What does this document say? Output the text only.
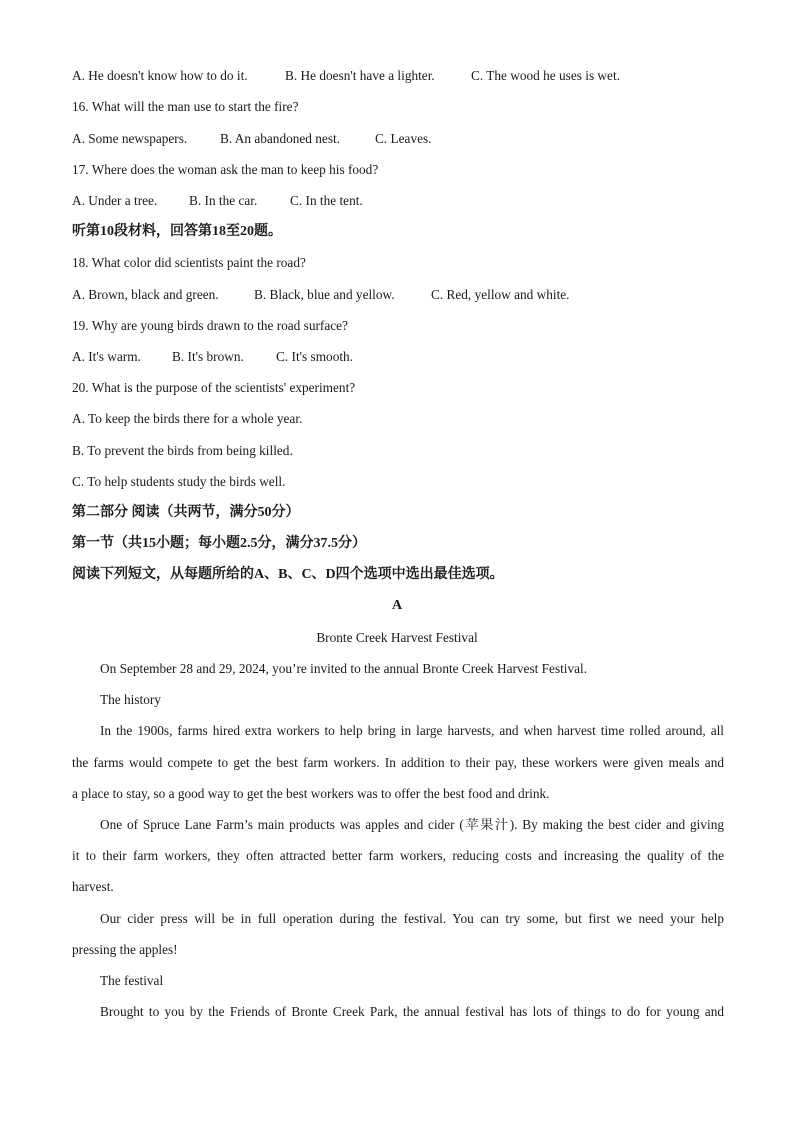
A. He doesn't know how to do it.	B. He doesn't have a lighter.	C. The wood he uses is wet.
16. What will the man use to start the fire?
A. Some newspapers.	B. An abandoned nest.	C. Leaves.
17. Where does the woman ask the man to keep his food?
A. Under a tree.	B. In the car.	C. In the tent.
听第10段材料，回答第18至20题。
18. What color did scientists paint the road?
A. Brown, black and green.	B. Black, blue and yellow.	C. Red, yellow and white.
19. Why are young birds drawn to the road surface?
A. It's warm.	B. It's brown.	C. It's smooth.
20. What is the purpose of the scientists' experiment?
A. To keep the birds there for a whole year.
B. To prevent the birds from being killed.
C. To help students study the birds well.
第二部分 阅读（共两节，满分50分）
第一节（共15小题；每小题2.5分，满分37.5分）
阅读下列短文，从每题所给的A、B、C、D四个选项中选出最佳选项。
A
Bronte Creek Harvest Festival
On September 28 and 29, 2024, you’re invited to the annual Bronte Creek Harvest Festival.
The history
In the 1900s, farms hired extra workers to help bring in large harvests, and when harvest time rolled around, all
the farms would compete to get the best farm workers. In addition to their pay, these workers were given meals and
a place to stay, so a good way to get the best workers was to offer the best food and drink.
One of Spruce Lane Farm’s main products was apples and cider (苹果汁). By making the best cider and giving
it to their farm workers, they often attracted better farm workers, reducing costs and increasing the quality of the
harvest.
Our cider press will be in full operation during the festival. You can try some, but first we need your help
pressing the apples!
The festival
Brought to you by the Friends of Bronte Creek Park, the annual festival has lots of things to do for young and
